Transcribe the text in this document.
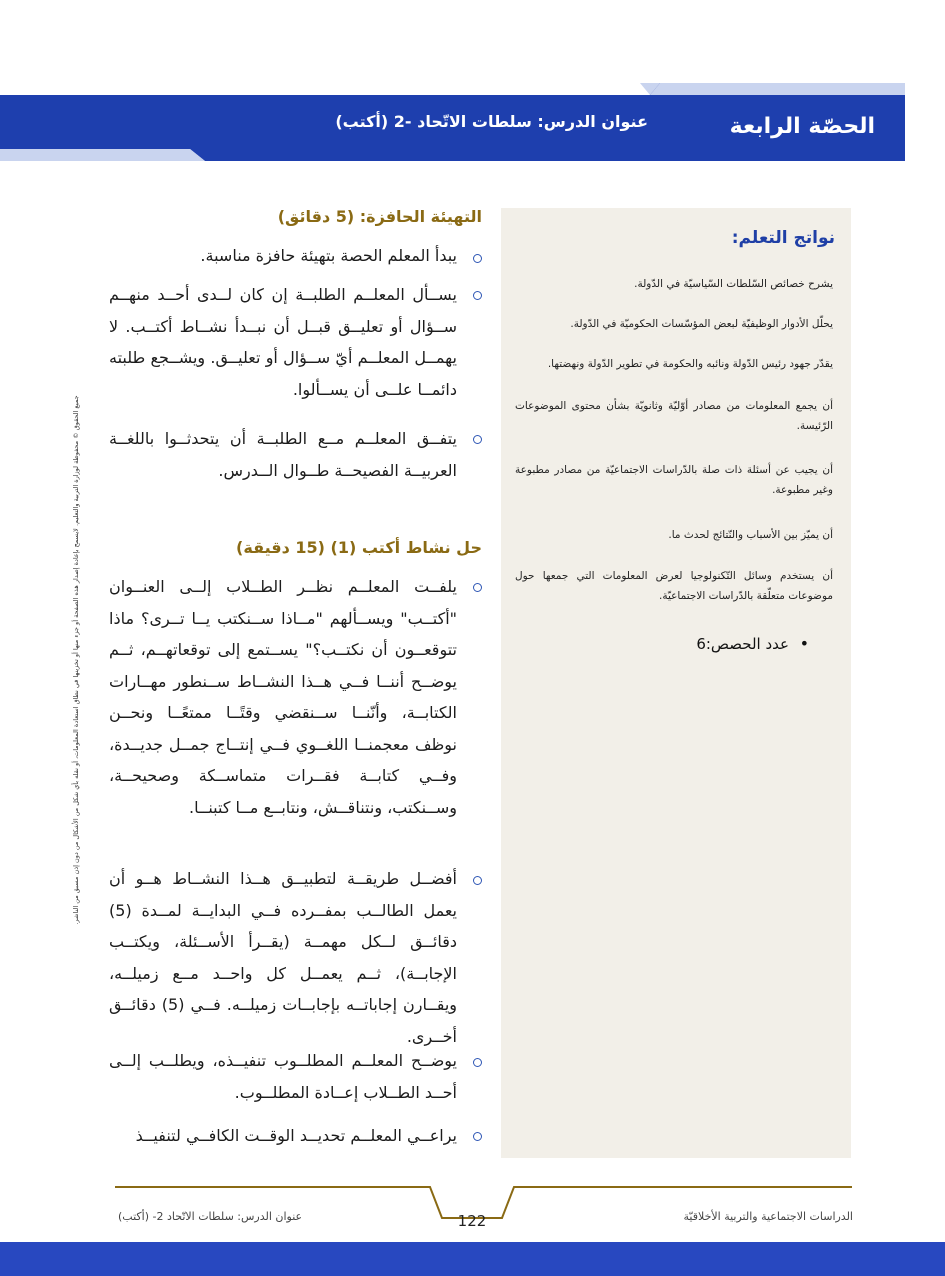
الحصّة الرابعة
عنوان الدرس: سلطات الاتّحاد -2 (أكتب)
جميع الحقوق © محفوظة لوزارة التربية والتعليم. لايسمح بإعادة إصدار هذه الصفحة أو جزء منها أو تخزينها في نطاق استعادة المعلومات، أو نقله بأي شكل من الأشكال من دون إذن مسبق من الناشر.
نواتج التعلم:
يشرح خصائص السّلطات السّياسيّة في الدّولة.
يحلّل الأدوار الوظيفيّة لبعض المؤسّسات الحكوميّة في الدّولة.
يقدّر جهود رئيس الدّولة ونائبه والحكومة في تطوير الدّولة ونهضتها.
أن يجمع المعلومات من مصادر أوّليّة وثانويّة بشأن محتوى الموضوعات الرّئيسة.
أن يجيب عن أسئلة ذات صلة بالدّراسات الاجتماعيّة من مصادر مطبوعة وغير مطبوعة.
أن يميّز بين الأسباب والنّتائج لحدث ما.
أن يستخدم وسائل التّكنولوجيا لعرض المعلومات التي جمعها حول موضوعات متعلّقة بالدّراسات الاجتماعيّة.
• عدد الحصص:6
التهيئة الحافزة: (5 دقائق)
يبدأ المعلم الحصة بتهيئة حافزة مناسبة.
يســأل المعلــم الطلبــة إن كان لــدى أحــد منهــم ســؤال أو تعليــق قبــل أن نبــدأ نشــاط أكتــب. لا يهمــل المعلــم أيّ ســؤال أو تعليــق. ويشــجع طلبته دائمــا علــى أن يســألوا.
يتفــق المعلــم مــع الطلبــة أن يتحدثــوا باللغــة العربيــة الفصيحــة طــوال الــدرس.
حل نشاط أكتب (1) (15 دقيقة)
يلفــت المعلــم نظــر الطــلاب إلــى العنــوان "أكتــب" ويســألهم "مــاذا ســنكتب يــا تــرى؟ ماذا تتوقعــون أن نكتــب؟" يســتمع إلى توقعاتهــم، ثــم يوضــح أننــا فــي هــذا النشــاط ســنطور مهــارات الكتابــة، وأنّنــا ســنقضي وقتًــا ممتعًــا ونحــن نوظف معجمنــا اللغــوي فــي إنتــاج جمــل جديــدة، وفــي كتابــة فقــرات متماســكة وصحيحــة، وســنكتب، ونتناقــش، ونتابــع مــا كتبنــا.
أفضــل طريقــة لتطبيــق هــذا النشــاط هــو أن يعمل الطالــب بمفــرده فــي البدايــة لمــدة (5) دقائــق لــكل مهمــة (يقــرأ الأســئلة، ويكتــب الإجابــة)، ثــم يعمــل كل واحــد مــع زميلــه، ويقــارن إجاباتــه بإجابــات زميلــه. فــي (5) دقائــق أخــرى.
يوضــح المعلــم المطلــوب تنفيــذه، ويطلــب إلــى أحــد الطــلاب إعــادة المطلــوب.
يراعــي المعلــم تحديــد الوقــت الكافــي لتنفيــذ
الدراسات الاجتماعية والتربية الأخلاقيّة
عنوان الدرس: سلطات الاتّحاد 2- (أكتب)	122
